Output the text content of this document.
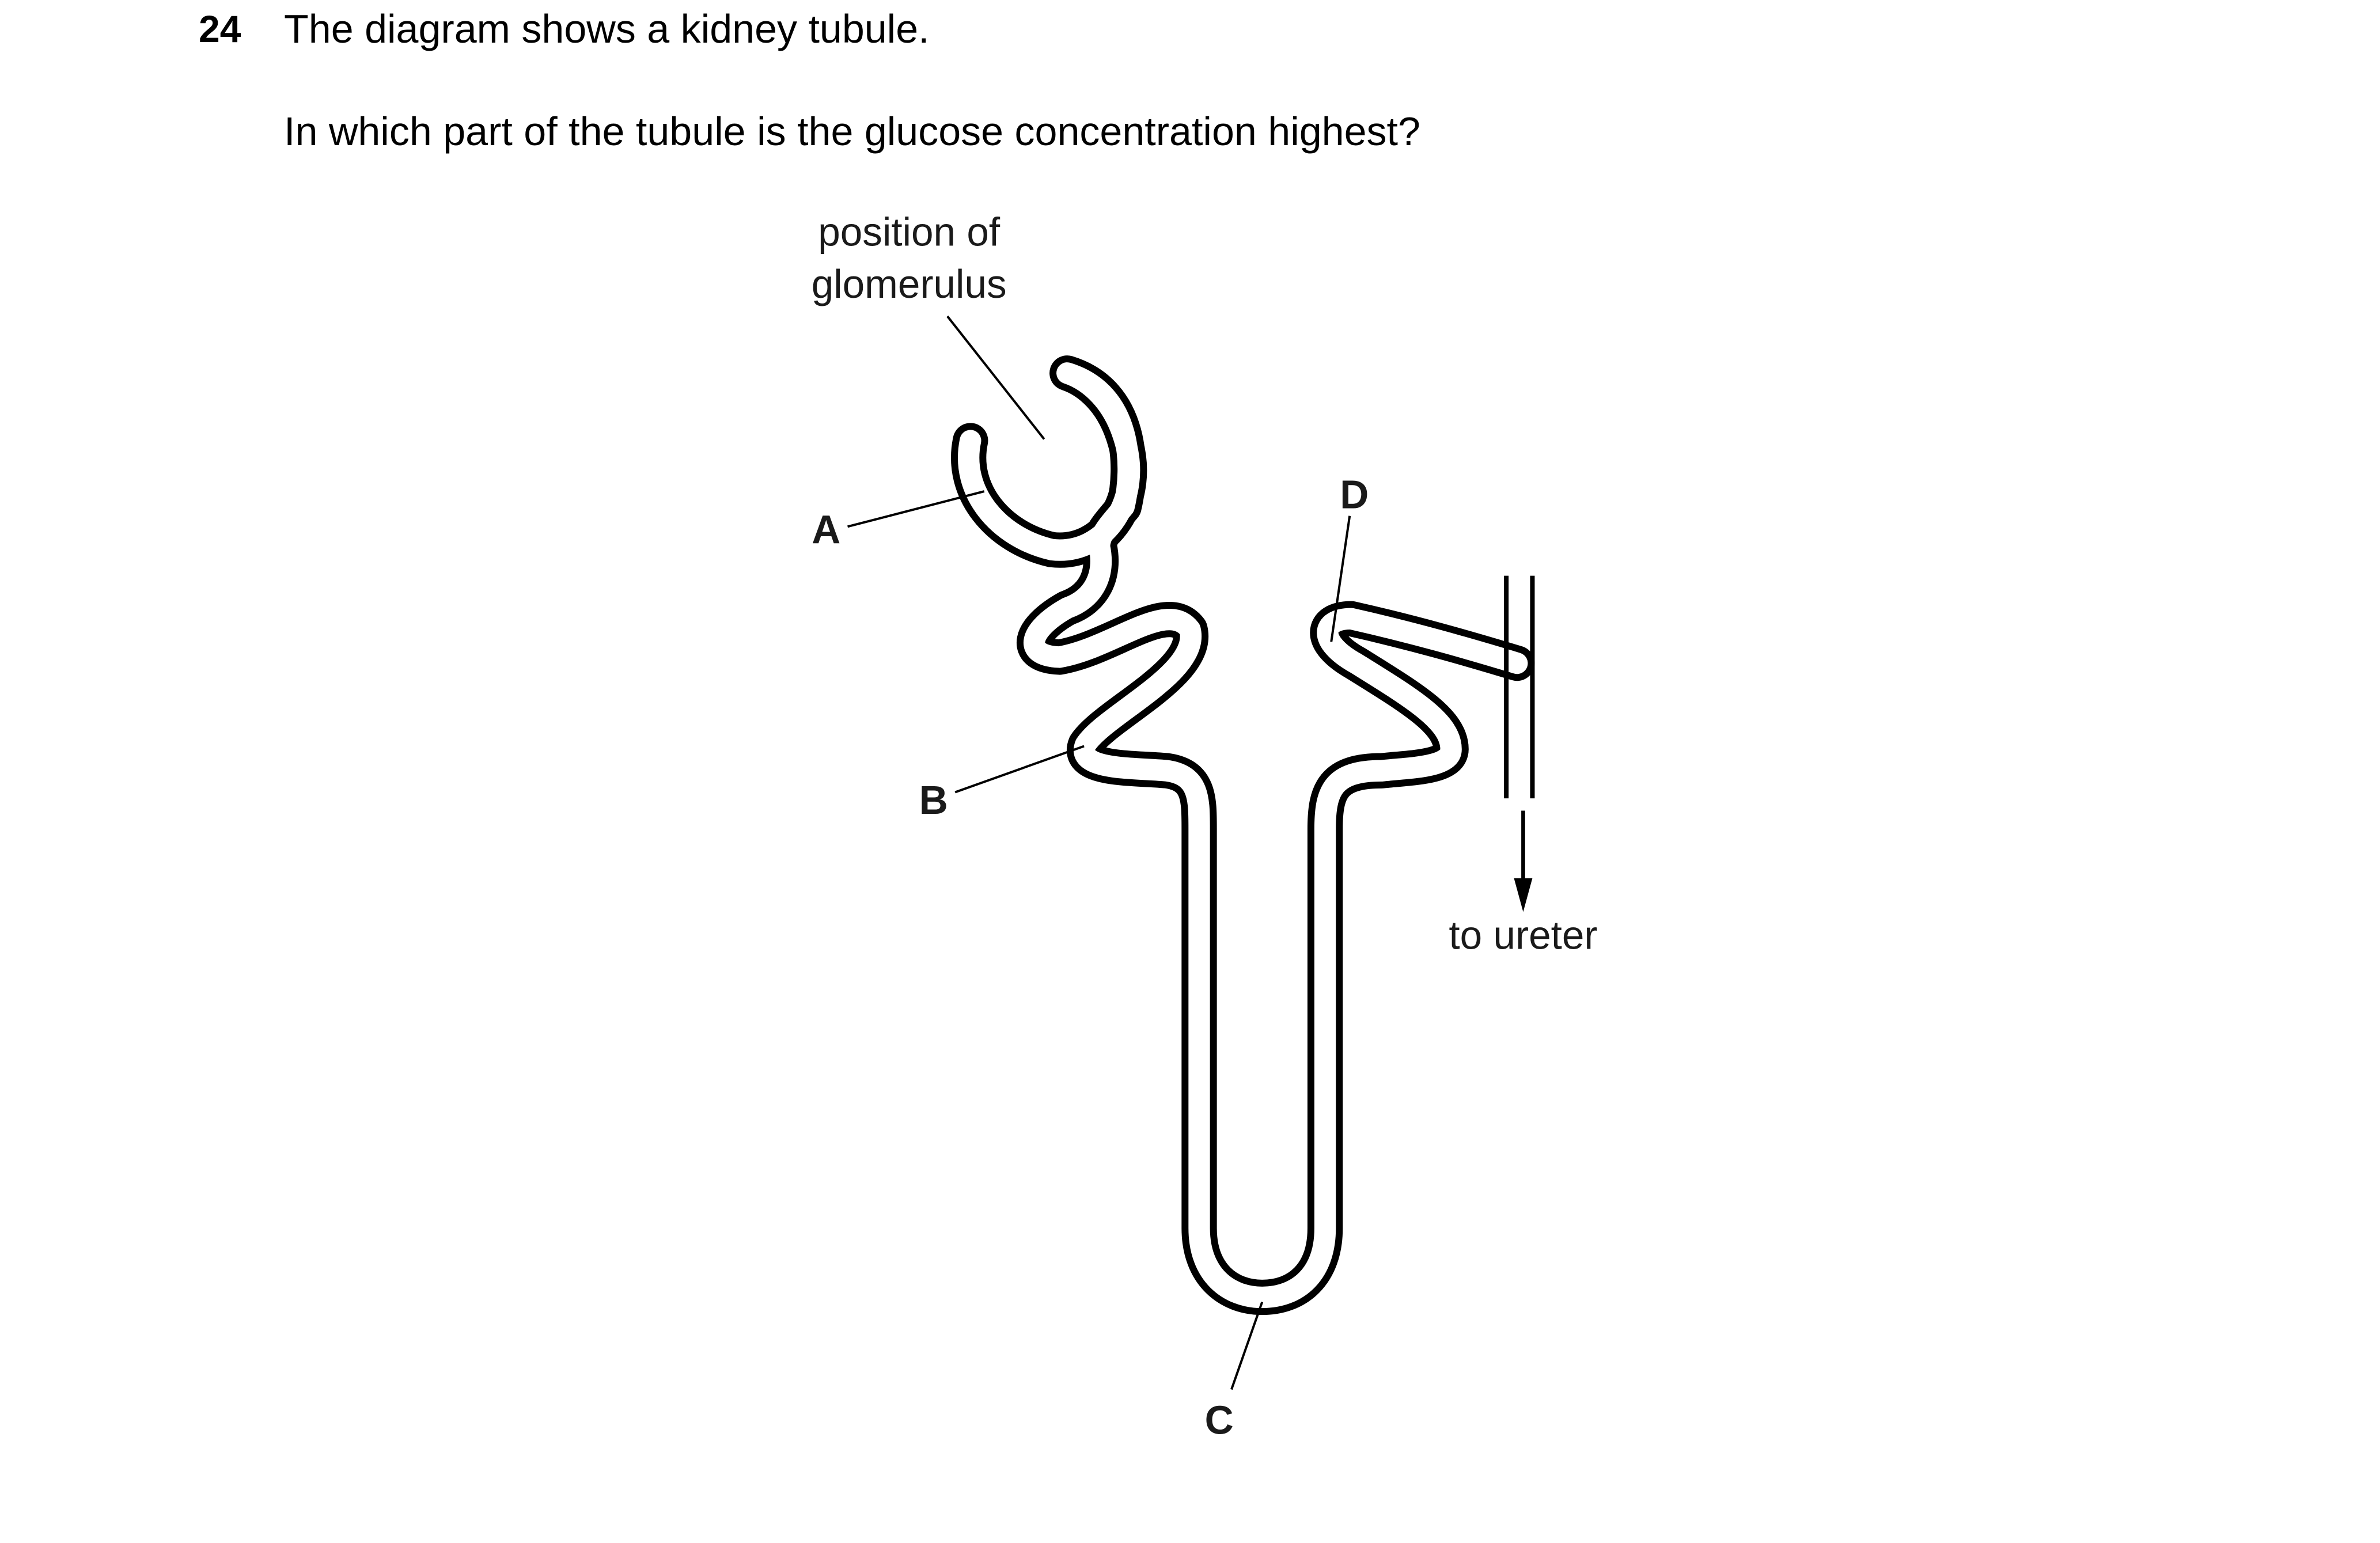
24 The diagram shows a kidney tubule.
In which part of the tubule is the glucose concentration highest?
position of
glomerulus
A
B
C
D
to ureter
